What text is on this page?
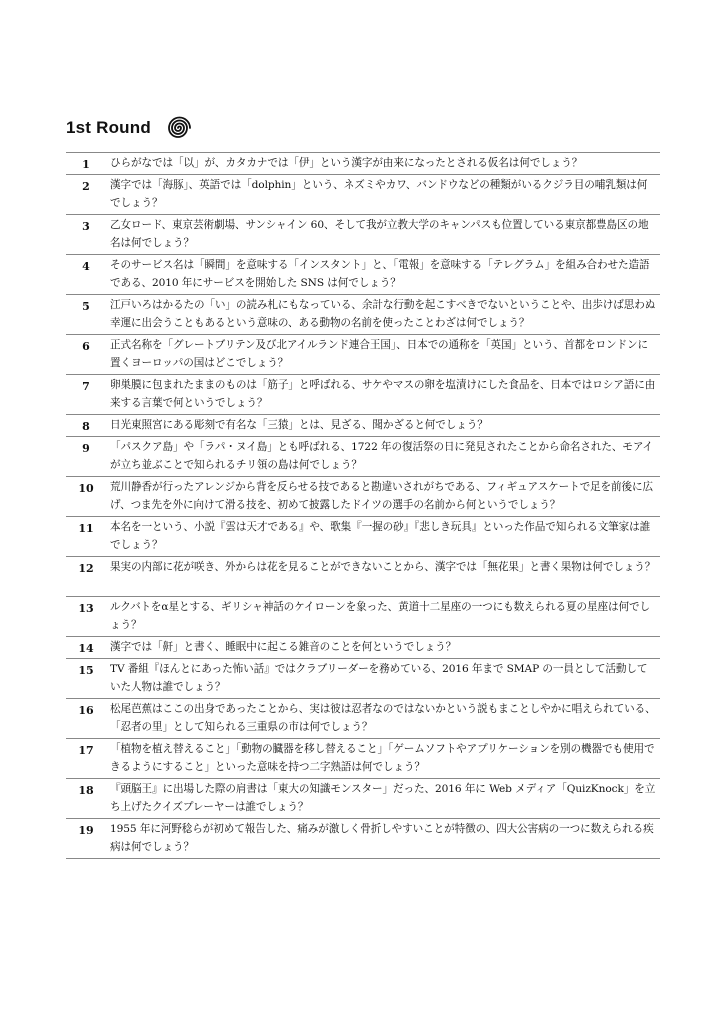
1st Round
1	ひらがなでは「以」が、カタカナでは「伊」という漢字が由来になったとされる仮名は何でしょう？
2	漢字では「海豚」、英語では「dolphin」という、ネズミやカワ、バンドウなどの種類がいるクジラ目の哺乳類は何でしょう？
3	乙女ロード、東京芸術劇場、サンシャイン 60、そして我が立教大学のキャンパスも位置している東京都豊島区の地名は何でしょう？
4	そのサービス名は「瞬間」を意味する「インスタント」と、「電報」を意味する「テレグラム」を組み合わせた造語である、2010 年にサービスを開始した SNS は何でしょう？
5	江戸いろはかるたの「い」の読み札にもなっている、余計な行動を起こすべきでないということや、出歩けば思わぬ幸運に出会うこともあるという意味の、ある動物の名前を使ったことわざは何でしょう？
6	正式名称を「グレートブリテン及び北アイルランド連合王国」、日本での通称を「英国」という、首都をロンドンに置くヨーロッパの国はどこでしょう？
7	卵巣膜に包まれたままのものは「筋子」と呼ばれる、サケやマスの卵を塩漬けにした食品を、日本ではロシア語に由来する言葉で何というでしょう？
8	日光東照宮にある彫刻で有名な「三猿」とは、見ざる、聞かざると何でしょう？
9	「パスクア島」や「ラパ・ヌイ島」とも呼ばれる、1722 年の復活祭の日に発見されたことから命名された、モアイが立ち並ぶことで知られるチリ領の島は何でしょう？
10	荒川静香が行ったアレンジから背を反らせる技であると勘違いされがちである、フィギュアスケートで足を前後に広げ、つま先を外に向けて滑る技を、初めて披露したドイツの選手の名前から何というでしょう？
11	本名を一という、小説『雲は天才である』や、歌集『一握の砂』『悲しき玩具』といった作品で知られる文筆家は誰でしょう？
12	果実の内部に花が咲き、外からは花を見ることができないことから、漢字では「無花果」と書く果物は何でしょう？
13	ルクバトをα星とする、ギリシャ神話のケイローンを象った、黄道十二星座の一つにも数えられる夏の星座は何でしょう？
14	漢字では「鼾」と書く、睡眠中に起こる雑音のことを何というでしょう？
15	TV 番組『ほんとにあった怖い話』ではクラブリーダーを務めている、2016 年まで SMAP の一員として活動していた人物は誰でしょう？
16	松尾芭蕉はここの出身であったことから、実は彼は忍者なのではないかという説もまことしやかに唱えられている、「忍者の里」として知られる三重県の市は何でしょう？
17	「植物を植え替えること」「動物の臓器を移し替えること」「ゲームソフトやアプリケーションを別の機器でも使用できるようにすること」といった意味を持つ二字熟語は何でしょう？
18	『頭脳王』に出場した際の肩書は「東大の知識モンスター」だった、2016 年に Web メディア「QuizKnock」を立ち上げたクイズプレーヤーは誰でしょう？
19	1955 年に河野稔らが初めて報告した、痛みが激しく骨折しやすいことが特徴の、四大公害病の一つに数えられる疾病は何でしょう？
